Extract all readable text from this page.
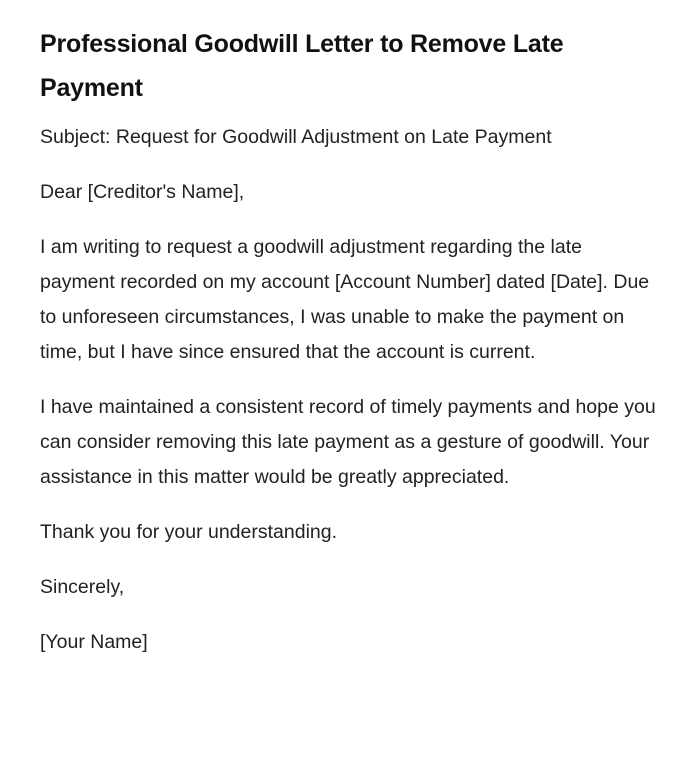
Professional Goodwill Letter to Remove Late Payment

Subject: Request for Goodwill Adjustment on Late Payment

Dear [Creditor's Name],

I am writing to request a goodwill adjustment regarding the late payment recorded on my account [Account Number] dated [Date]. Due to unforeseen circumstances, I was unable to make the payment on time, but I have since ensured that the account is current.

I have maintained a consistent record of timely payments and hope you can consider removing this late payment as a gesture of goodwill. Your assistance in this matter would be greatly appreciated.

Thank you for your understanding.

Sincerely,

[Your Name]
